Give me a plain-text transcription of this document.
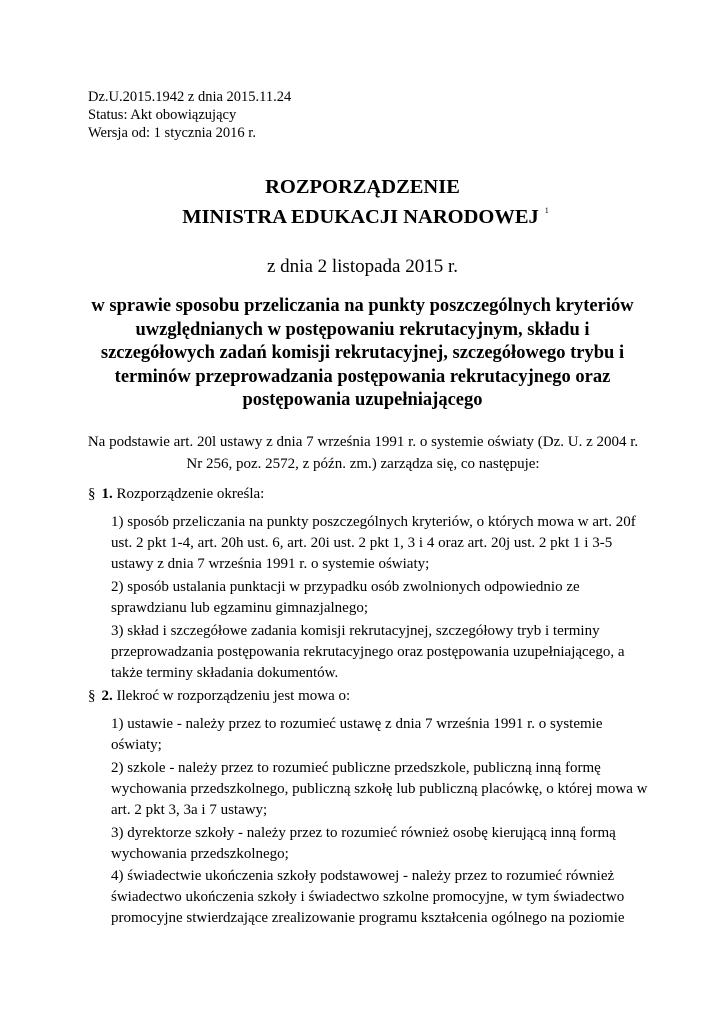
Dz.U.2015.1942 z dnia 2015.11.24
Status: Akt obowiązujący
Wersja od: 1 stycznia 2016 r.
ROZPORZĄDZENIE
MINISTRA EDUKACJI NARODOWEJ $^1$
z dnia 2 listopada 2015 r.
w sprawie sposobu przeliczania na punkty poszczególnych kryteriów uwzględnianych w postępowaniu rekrutacyjnym, składu i szczegółowych zadań komisji rekrutacyjnej, szczegółowego trybu i terminów przeprowadzania postępowania rekrutacyjnego oraz postępowania uzupełniającego
Na podstawie art. 20l ustawy z dnia 7 września 1991 r. o systemie oświaty (Dz. U. z 2004 r. Nr 256, poz. 2572, z późn. zm.) zarządza się, co następuje:
§ 1. Rozporządzenie określa:
1) sposób przeliczania na punkty poszczególnych kryteriów, o których mowa w art. 20f ust. 2 pkt 1-4, art. 20h ust. 6, art. 20i ust. 2 pkt 1, 3 i 4 oraz art. 20j ust. 2 pkt 1 i 3-5 ustawy z dnia 7 września 1991 r. o systemie oświaty;
2) sposób ustalania punktacji w przypadku osób zwolnionych odpowiednio ze sprawdzianu lub egzaminu gimnazjalnego;
3) skład i szczegółowe zadania komisji rekrutacyjnej, szczegółowy tryb i terminy przeprowadzania postępowania rekrutacyjnego oraz postępowania uzupełniającego, a także terminy składania dokumentów.
§ 2. Ilekroć w rozporządzeniu jest mowa o:
1) ustawie - należy przez to rozumieć ustawę z dnia 7 września 1991 r. o systemie oświaty;
2) szkole - należy przez to rozumieć publiczne przedszkole, publiczną inną formę wychowania przedszkolnego, publiczną szkołę lub publiczną placówkę, o której mowa w art. 2 pkt 3, 3a i 7 ustawy;
3) dyrektorze szkoły - należy przez to rozumieć również osobę kierującą inną formą wychowania przedszkolnego;
4) świadectwie ukończenia szkoły podstawowej - należy przez to rozumieć również świadectwo ukończenia szkoły i świadectwo szkolne promocyjne, w tym świadectwo promocyjne stwierdzające zrealizowanie programu kształcenia ogólnego na poziomie
